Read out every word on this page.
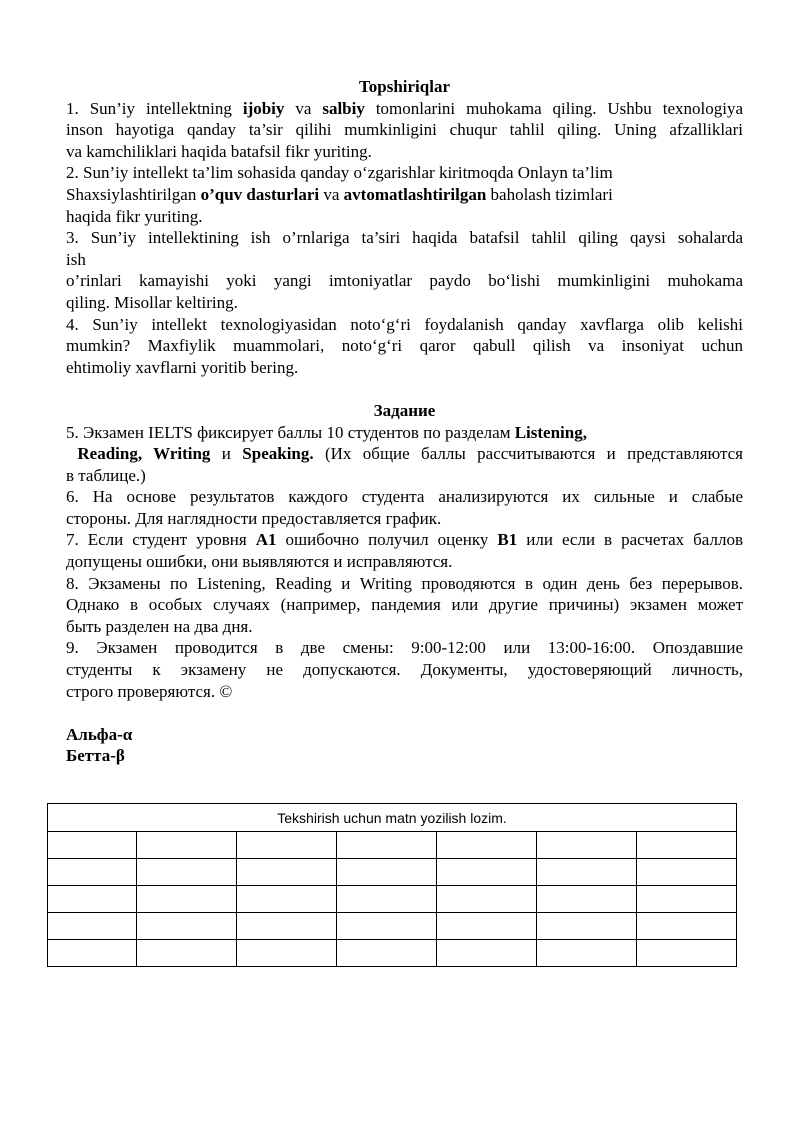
Topshiriqlar

1. Sun’iy intellektning ijobiy va salbiy tomonlarini muhokama qiling. Ushbu texnologiya

inson hayotiga qanday ta’sir qilihi mumkinligini chuqur tahlil qiling. Uning afzalliklari

va kamchiliklari haqida batafsil fikr yuriting.

2. Sun’iy intellekt ta’lim sohasida qanday o‘zgarishlar kiritmoqda Onlayn ta’lim

Shaxsiylashtirilgan o’quv dasturlari va avtomatlashtirilgan baholash tizimlari

haqida fikr yuriting.

3. Sun’iy intellektining ish o’rnlariga ta’siri haqida batafsil tahlil qiling qaysi sohalarda

ish

o’rinlari kamayishi yoki yangi imtoniyatlar paydo bo‘lishi mumkinligini muhokama

qiling. Misollar keltiring.

4. Sun’iy intellekt texnologiyasidan noto‘g‘ri foydalanish qanday xavflarga olib kelishi

mumkin? Maxfiylik muammolari, noto‘g‘ri qaror qabull qilish va insoniyat uchun

ehtimoliy xavflarni yoritib bering.

Задание

5. Экзамен IELTS фиксирует баллы 10 студентов по разделам Listening,

Reading, Writing и Speaking. (Их общие баллы рассчитываются и представляются

в таблице.)

6. На основе результатов каждого студента анализируются их сильные и слабые

стороны. Для наглядности предоставляется график.

7. Если студент уровня A1 ошибочно получил оценку B1 или если в расчетах баллов

допущены ошибки, они выявляются и исправляются.

8. Экзамены по Listening, Reading и Writing проводяются в один день без перерывов.

Однако в особых случаях (например, пандемия или другие причины) экзамен может

быть разделен на два дня.

9. Экзамен проводится в две смены: 9:00-12:00 или 13:00-16:00. Опоздавшие

студенты к экзамену не допускаются. Документы, удостоверяющий личность,

строго проверяются. ©

Альфа-α

Бетта-β

Tekshirish uchun matn yozilish lozim.						
